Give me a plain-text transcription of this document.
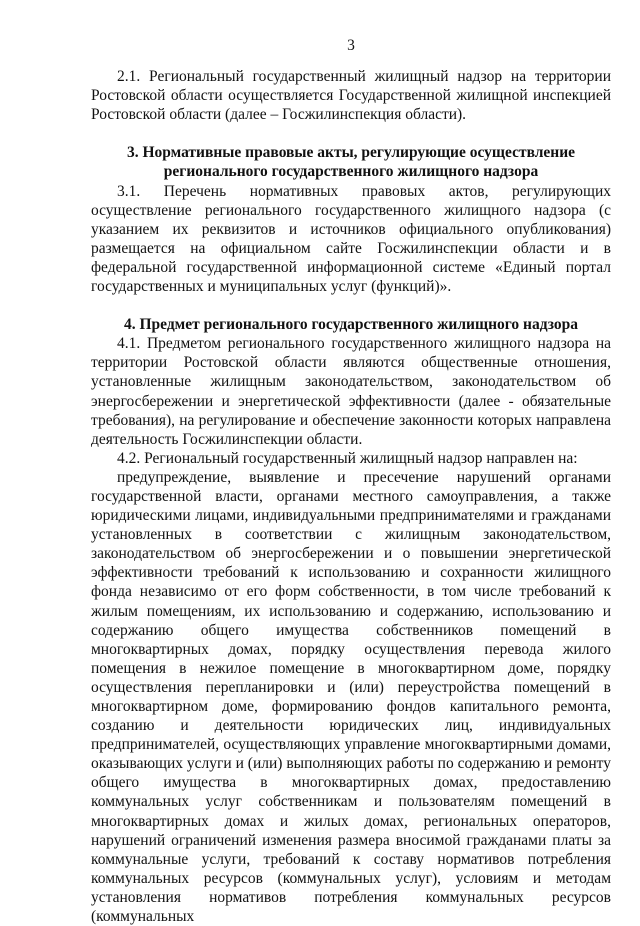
3

2.1. Региональный государственный жилищный надзор на территории Ростовской области осуществляется Государственной жилищной инспекцией Ростовской области (далее – Госжилинспекция области).

3. Нормативные правовые акты, регулирующие осуществление

регионального государственного жилищного надзора

3.1. Перечень нормативных правовых актов, регулирующих осуществление регионального государственного жилищного надзора (с указанием их реквизитов и источников официального опубликования) размещается на официальном сайте Госжилинспекции области и в федеральной государственной информационной системе «Единый портал государственных и муниципальных услуг (функций)».

4. Предмет регионального государственного жилищного надзора

4.1. Предметом регионального государственного жилищного надзора на территории Ростовской области являются общественные отношения, установленные жилищным законодательством, законодательством об энергосбережении и энергетической эффективности (далее - обязательные требования), на регулирование и обеспечение законности которых направлена деятельность Госжилинспекции области.

4.2. Региональный государственный жилищный надзор направлен на:

предупреждение, выявление и пресечение нарушений органами государственной власти, органами местного самоуправления, а также юридическими лицами, индивидуальными предпринимателями и гражданами установленных в соответствии с жилищным законодательством, законодательством об энергосбережении и о повышении энергетической эффективности требований к использованию и сохранности жилищного фонда независимо от его форм собственности, в том числе требований к жилым помещениям, их использованию и содержанию, использованию и содержанию общего имущества собственников помещений в многоквартирных домах, порядку осуществления перевода жилого помещения в нежилое помещение в многоквартирном доме, порядку осуществления перепланировки и (или) переустройства помещений в многоквартирном доме, формированию фондов капитального ремонта, созданию и деятельности юридических лиц, индивидуальных предпринимателей, осуществляющих управление многоквартирными домами, оказывающих услуги и (или) выполняющих работы по содержанию и ремонту общего имущества в многоквартирных домах, предоставлению коммунальных услуг собственникам и пользователям помещений в многоквартирных домах и жилых домах, региональных операторов, нарушений ограничений изменения размера вносимой гражданами платы за коммунальные услуги, требований к составу нормативов потребления коммунальных ресурсов (коммунальных услуг), условиям и методам установления нормативов потребления коммунальных ресурсов (коммунальных
